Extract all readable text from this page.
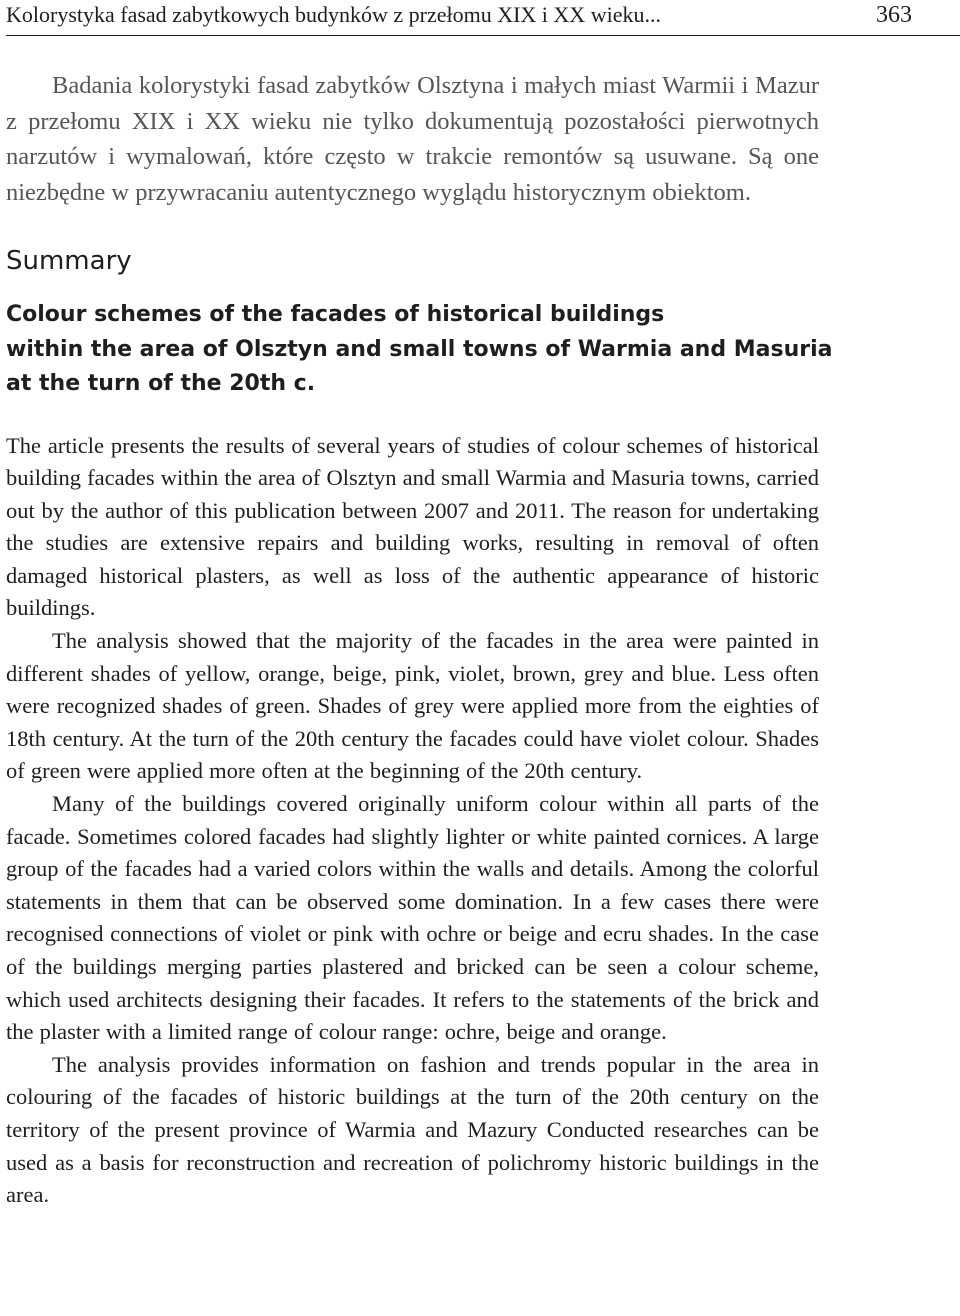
Kolorystyka fasad zabytkowych budynków z przełomu XIX i XX wieku...	363

Badania kolorystyki fasad zabytków Olsztyna i małych miast Warmii i Mazur z przełomu XIX i XX wieku nie tylko dokumentują pozostałości pierwotnych narzutów i wymalowań, które często w trakcie remontów są usuwane. Są one niezbędne w przywracaniu autentycznego wyglądu historycznym obiektom.

Summary
Colour schemes of the facades of historical buildings
within the area of Olsztyn and small towns of Warmia and Masuria
at the turn of the 20th c.

The article presents the results of several years of studies of colour schemes of historical building facades within the area of Olsztyn and small Warmia and Masuria towns, carried out by the author of this publication between 2007 and 2011. The reason for undertaking the studies are extensive repairs and building works, resulting in removal of often damaged historical plasters, as well as loss of the authentic appearance of historic buildings.

The analysis showed that the majority of the facades in the area were painted in different shades of yellow, orange, beige, pink, violet, brown, grey and blue. Less often were recognized shades of green. Shades of grey were applied more from the eighties of 18th century. At the turn of the 20th century the facades could have violet colour. Shades of green were applied more often at the beginning of the 20th century.

Many of the buildings covered originally uniform colour within all parts of the facade. Sometimes colored facades had slightly lighter or white painted cornices. A large group of the facades had a varied colors within the walls and details. Among the colorful statements in them that can be observed some domination. In a few cases there were recognised connections of violet or pink with ochre or beige and ecru shades. In the case of the buildings merging parties plastered and bricked can be seen a colour scheme, which used architects designing their facades. It refers to the statements of the brick and the plaster with a limited range of colour range: ochre, beige and orange.

The analysis provides information on fashion and trends popular in the area in colouring of the facades of historic buildings at the turn of the 20th century on the territory of the present province of Warmia and Mazury Conducted researches can be used as a basis for reconstruction and recreation of polichromy historic buildings in the area.
